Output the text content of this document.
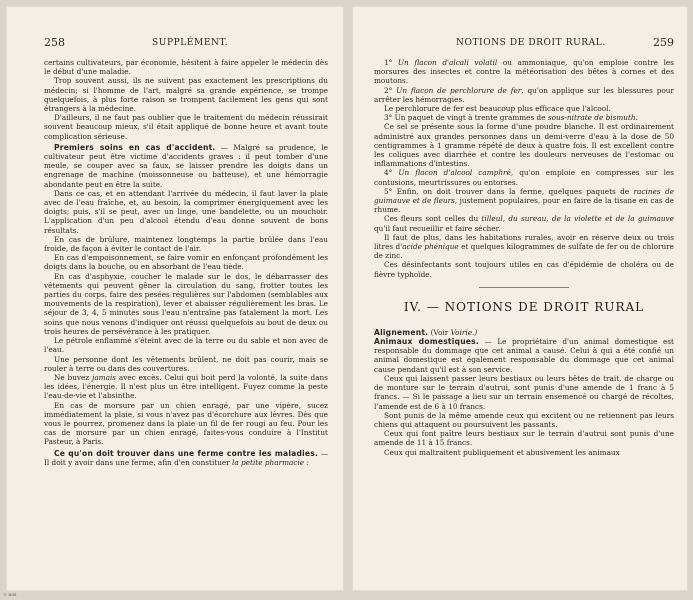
258	SUPPLÉMENT.

certains cultivateurs, par économie, hésitent à faire appeler le médecin dès le début d'une maladie.

Trop souvent aussi, ils ne suivent pas exactement les prescriptions du médecin; si l'homme de l'art, malgré sa grande expérience, se trompe quelquefois, à plus forte raison se trompent facilement les gens qui sont étrangers à la médecine.

D'ailleurs, il ne faut pas oublier que le traitement du médecin réussirait souvent beaucoup mieux, s'il était appliqué de bonne heure et avant toute complication sérieuse.

Premiers soins en cas d'accident. — Malgré sa prudence, le cultivateur peut être victime d'accidents graves : il peut tomber d'une meule, se couper avec sa faux, se laisser prendre les doigts dans un engrenage de machine (moissonneuse ou batteuse), et une hémorragie abondante peut en être la suite.

Dans ce cas, et en attendant l'arrivée du médecin, il faut laver la plaie avec de l'eau fraîche, et, au besoin, la comprimer énergiquement avec les doigts; puis, s'il se peut, avec un linge, une bandelette, ou un mouchoir. L'application d'un peu d'alcool étendu d'eau donne souvent de bons résultats.

En cas de brûlure, maintenez longtemps la partie brûlée dans l'eau froide, de façon à éviter le contact de l'air.

En cas d'empoisonnement, se faire vomir en enfonçant profondément les doigts dans la bouche, ou en absorbant de l'eau tiède.

En cas d'asphyxie, coucher le malade sur le dos, le débarrasser des vêtements qui peuvent gêner la circulation du sang, frotter toutes les parties du corps, faire des pesées régulières sur l'abdomen (semblables aux mouvements de la respiration), lever et abaisser régulièrement les bras. Le séjour de 3, 4, 5 minutes sous l'eau n'entraîne pas fatalement la mort. Les soins que nous venons d'indiquer ont réussi quelquefois au bout de deux ou trois heures de persévérance à les pratiquer.

Le pétrole enflammé s'éteint avec de la terre ou du sable et non avec de l'eau.

Une personne dont les vêtements brûlent, ne doit pas courir, mais se rouler à terre ou dans des couvertures.

Ne buvez jamais avec excès. Celui qui boit perd la volonté, la suite dans les idées, l'énergie. Il n'est plus un être intelligent. Fuyez comme la peste l'eau-de-vie et l'absinthe.

En cas de morsure par un chien enragé, par une vipère, sucez immédiatement la plaie, si vous n'avez pas d'écorchure aux lèvres. Dès que vous le pourrez, promenez dans la plaie un fil de fer rougi au feu. Pour les cas de morsure par un chien enragé, faites-vous conduire à l'Institut Pasteur, à Paris.

Ce qu'on doit trouver dans une ferme contre les maladies. — Il doit y avoir dans une ferme, afin d'en constituer la petite pharmacie :

NOTIONS DE DROIT RURAL.	259

1° Un flacon d'alcali volatil ou ammoniaque, qu'on emploie contre les morsures des insectes et contre la météorisation des bêtes à cornes et des moutons.

2° Un flacon de perchlorure de fer, qu'on applique sur les blessures pour arrêter les hémorragies.

Le perchlorure de fer est beaucoup plus efficace que l'alcool.

3° Un paquet de vingt à trente grammes de sous-nitrate de bismuth.

Ce sel se présente sous la forme d'une poudre blanche. Il est ordinairement administré aux grandes personnes dans un demi-verre d'eau à la dose de 50 centigrammes à 1 gramme répété de deux à quatre fois. Il est excellent contre les coliques avec diarrhée et contre les douleurs nerveuses de l'estomac ou inflammations d'intestins.

4° Un flacon d'alcool camphré, qu'on emploie en compresses sur les contusions, meurtrissures ou entorses.

5° Enfin, on doit trouver dans la ferme, quelques paquets de racines de guimauve et de fleurs, justement populaires, pour en faire de la tisane en cas de rhume.

Ces fleurs sont celles du tilleul, du sureau, de la violette et de la guimauve qu'il faut recueillir et faire sécher.

Il faut de plus, dans les habitations rurales, avoir en réserve deux ou trois litres d'acide phénique et quelques kilogrammes de sulfate de fer ou de chlorure de zinc.

Ces désinfectants sont toujours utiles en cas d'épidémie de choléra ou de fièvre typhoïde.

IV. — NOTIONS DE DROIT RURAL

Alignement. (Voir Voirie.)

Animaux domestiques. — Le propriétaire d'un animal domestique est responsable du dommage que cet animal a causé. Celui à qui a été confié un animal domestique est également responsable du dommage que cet animal cause pendant qu'il est à son service.

Ceux qui laissent passer leurs bestiaux ou leurs bêtes de trait, de charge ou de monture sur le terrain d'autrui, sont punis d'une amende de 1 franc à 5 francs. — Si le passage a lieu sur un terrain ensemencé ou chargé de récoltes, l'amende est de 6 à 10 francs.

Sont punis de la même amende ceux qui excitent ou ne retiennent pas leurs chiens qui attaquent ou poursuivent les passants.

Ceux qui font paître leurs bestiaux sur le terrain d'autrui sont punis d'une amende de 11 à 15 francs.

Ceux qui maltraitent publiquement et abusivement les animaux

© Bibl.
